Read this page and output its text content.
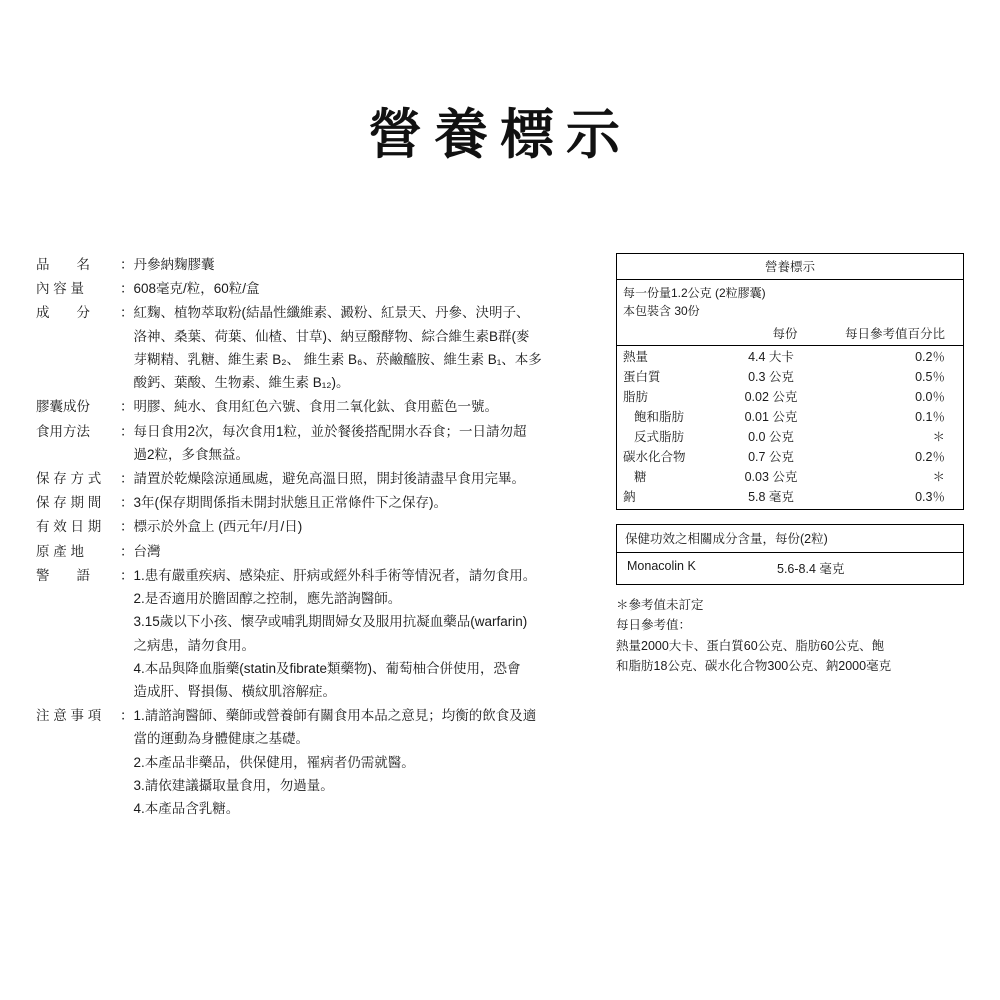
營養標示
品　　名	： 丹參納麴膠囊
內 容 量	： 608毫克/粒，60粒/盒
成　　分	： 紅麴、植物萃取粉(結晶性纖維素、澱粉、紅景天、丹參、決明子、
洛神、桑葉、荷葉、仙楂、甘草)、納豆醱酵物、綜合維生素B群(麥
芽糊精、乳糖、維生素 B₂、 維生素 B₆、菸鹼醯胺、維生素 B₁、本多
酸鈣、葉酸、生物素、維生素 B₁₂)。
膠囊成份	： 明膠、純水、食用紅色六號、食用二氧化鈦、食用藍色一號。
食用方法	： 每日食用2次，每次食用1粒，並於餐後搭配開水吞食；一日請勿超
過2粒，多食無益。
保 存 方 式	： 請置於乾燥陰涼通風處，避免高溫日照，開封後請盡早食用完畢。
保 存 期 間	： 3年(保存期間係指未開封狀態且正常條件下之保存)。
有 效 日 期	： 標示於外盒上 (西元年/月/日)
原 產 地	： 台灣
警　　語	： 1.患有嚴重疾病、感染症、肝病或經外科手術等情況者，請勿食用。
2.是否適用於膽固醇之控制，應先諮詢醫師。
3.15歲以下小孩、懷孕或哺乳期間婦女及服用抗凝血藥品(warfarin)
之病患，請勿食用。
4.本品與降血脂藥(statin及fibrate類藥物)、葡萄柚合併使用，恐會
造成肝、腎損傷、橫紋肌溶解症。
注 意 事 項	： 1.請諮詢醫師、藥師或營養師有關食用本品之意見；均衡的飲食及適
當的運動為身體健康之基礎。
2.本產品非藥品，供保健用，罹病者仍需就醫。
3.請依建議攝取量食用，勿過量。
4.本產品含乳糖。
營養標示
每一份量1.2公克 (2粒膠囊)
本包裝含 30份
每份	每日參考值百分比
熱量	4.4 大卡	0.2％
蛋白質	0.3 公克	0.5％
脂肪	0.02 公克	0.0％
飽和脂肪	0.01 公克	0.1％
反式脂肪	0.0 公克	＊
碳水化合物	0.7 公克	0.2％
糖	0.03 公克	＊
鈉	5.8 毫克	0.3％
保健功效之相關成分含量，每份(2粒)
Monacolin K	5.6-8.4 毫克
＊參考值未訂定
每日參考值：
熱量2000大卡、蛋白質60公克、脂肪60公克、飽
和脂肪18公克、碳水化合物300公克、鈉2000毫克
